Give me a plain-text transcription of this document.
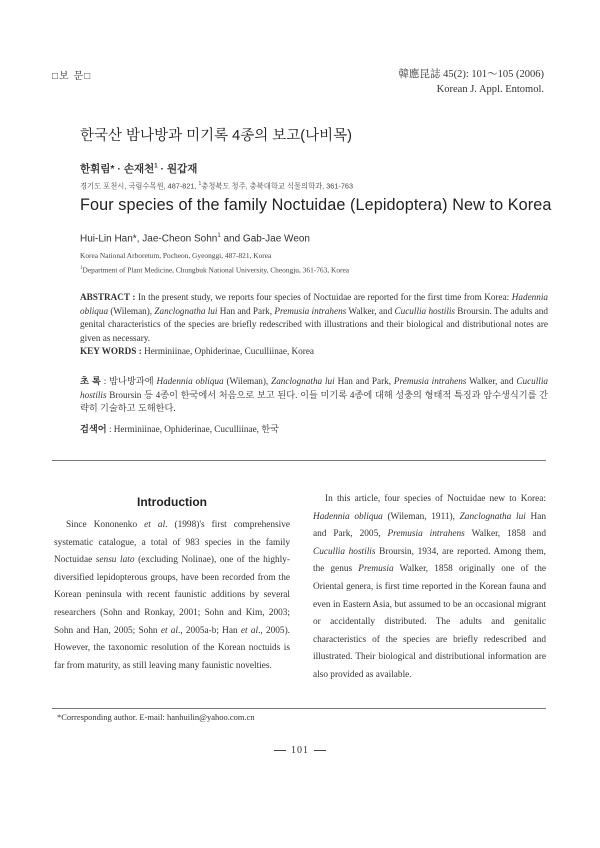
□보 문□	韓應昆誌 45(2): 101～105 (2006)
Korean J. Appl. Entomol.
한국산 밤나방과 미기록 4종의 보고(나비목)
한휘림* · 손재천$^1$ · 원갑재
경기도 포천시, 국립수목원, 487-821, $^1$충청북도 청주, 충북대학교 식물의학과, 361-763
Four species of the family Noctuidae (Lepidoptera) New to Korea
Hui-Lin Han*, Jae-Cheon Sohn$^1$ and Gab-Jae Weon
Korea National Arboretum, Pocheon, Gyeonggi, 487-821, Korea
$^1$Department of Plant Medicine, Chungbuk National University, Cheongju, 361-763, Korea
ABSTRACT : In the present study, we reports four species of Noctuidae are reported for the first time from Korea: Hadennia obliqua (Wileman), Zanclognatha lui Han and Park, Premusia intrahens Walker, and Cucullia hostilis Broursin. The adults and genital characteristics of the species are briefly redescribed with illustrations and their biological and distributional notes are given as necessary.
KEY WORDS : Herminiinae, Ophiderinae, Cuculliinae, Korea
초 록 : 밤나방과에 Hadennia obliqua (Wileman), Zanclognatha lui Han and Park, Premusia intrahens Walker, and Cucullia hostilis Broursin 등 4종이 한국에서 처음으로 보고 된다. 이들 미기록 4종에 대해 성충의 형태적 특징과 암수생식기를 간략히 기술하고 도해한다.
검색어 : Herminiinae, Ophiderinae, Cuculliinae, 한국
Introduction
Since Kononenko et al. (1998)'s first comprehensive systematic catalogue, a total of 983 species in the family Noctuidae sensu lato (excluding Nolinae), one of the highly-diversified lepidopterous groups, have been recorded from the Korean peninsula with recent faunistic additions by several researchers (Sohn and Ronkay, 2001; Sohn and Kim, 2003; Sohn and Han, 2005; Sohn et al., 2005a-b; Han et al., 2005). However, the taxonomic resolution of the Korean noctuids is far from maturity, as still leaving many faunistic novelties.
In this article, four species of Noctuidae new to Korea: Hadennia obliqua (Wileman, 1911), Zanclognatha lui Han and Park, 2005, Premusia intrahens Walker, 1858 and Cucullia hostilis Broursin, 1934, are reported. Among them, the genus Premusia Walker, 1858 originally one of the Oriental genera, is first time reported in the Korean fauna and even in Eastern Asia, but assumed to be an occasional migrant or accidentally distributed. The adults and genitalic characteristics of the species are briefly redescribed and illustrated. Their biological and distributional information are also provided as available.
*Corresponding author. E-mail: hanhuilin@yahoo.com.cn
101
